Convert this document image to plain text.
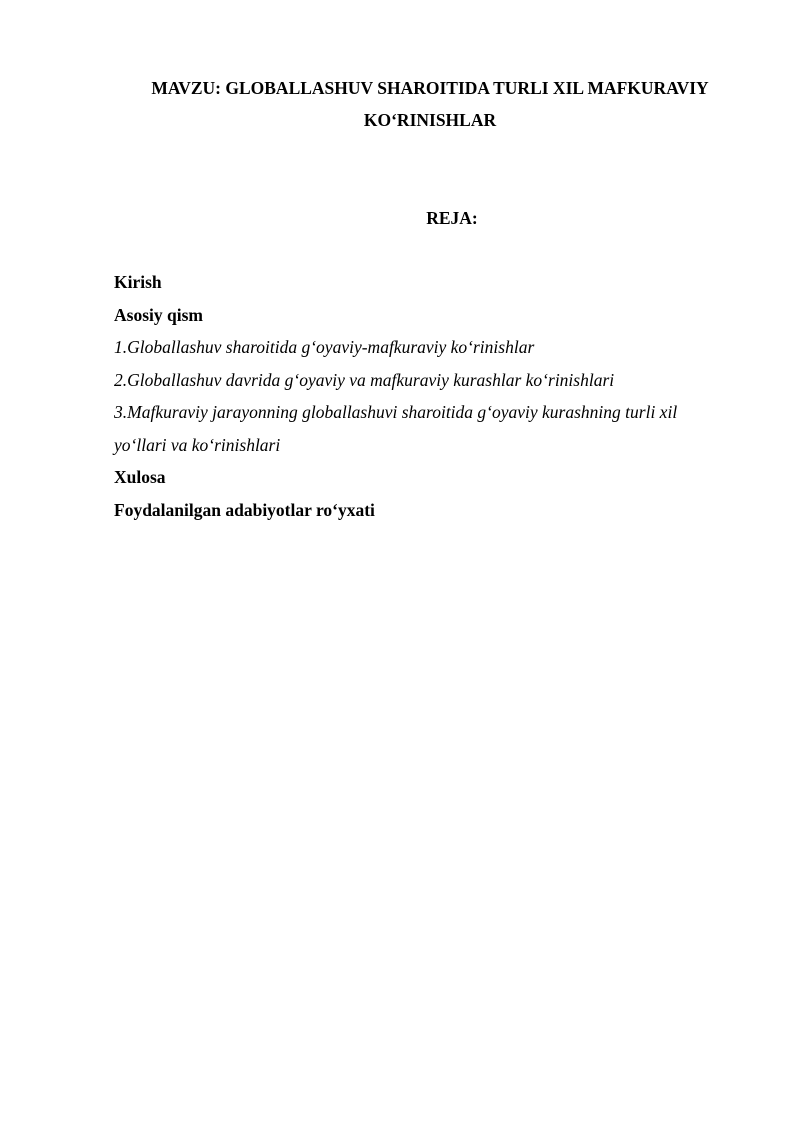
MAVZU: GLOBALLASHUV SHAROITIDA TURLI XIL MAFKURAVIY
KO‘RINISHLAR
REJA:
Kirish
Asosiy qism
1.Globallashuv sharoitida g‘oyaviy-mafkuraviy ko‘rinishlar
2.Globallashuv davrida g‘oyaviy va mafkuraviy kurashlar ko‘rinishlari
3.Mafkuraviy jarayonning globallashuvi sharoitida g‘oyaviy kurashning turli xil
yo‘llari va ko‘rinishlari
Xulosa
Foydalanilgan adabiyotlar ro‘yxati
